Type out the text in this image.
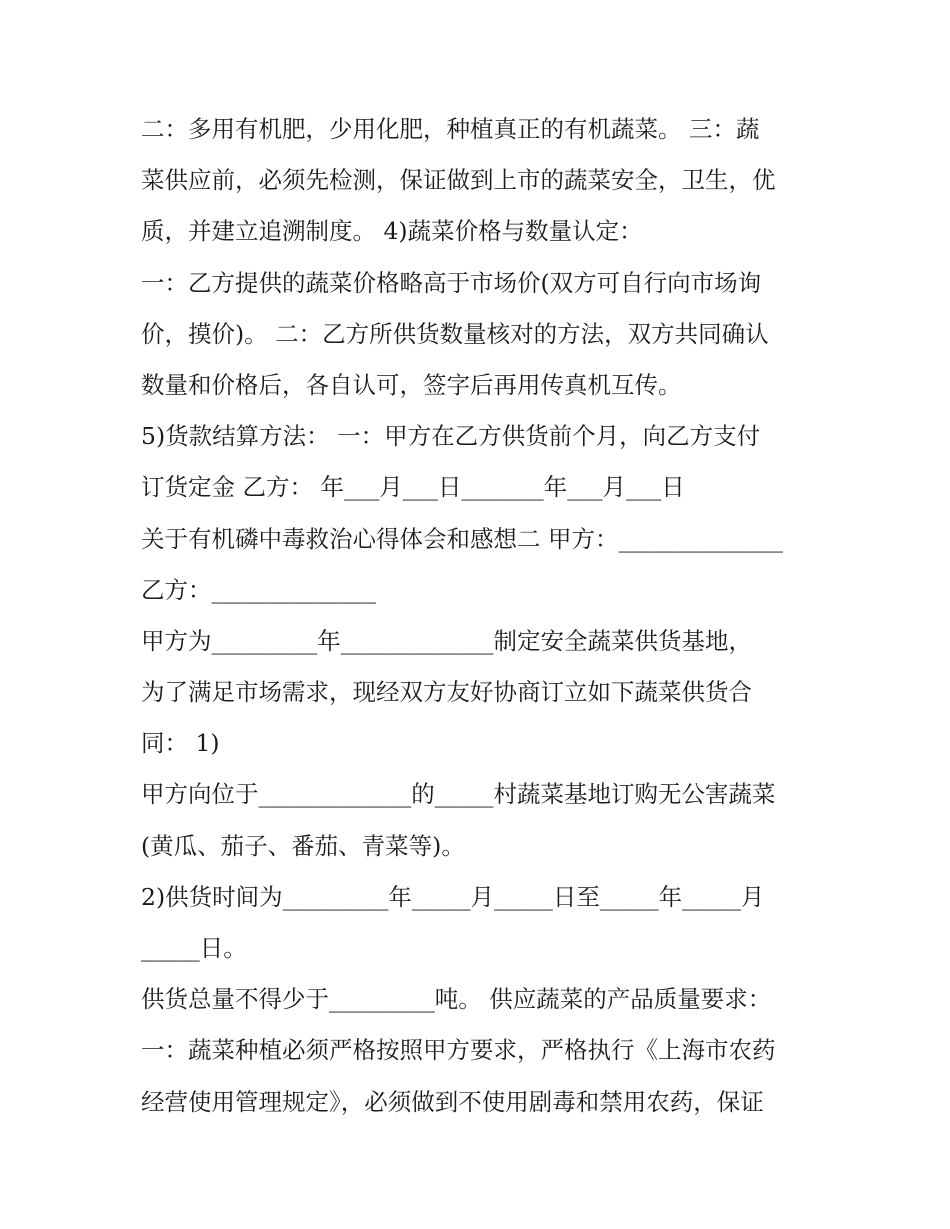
二：多用有机肥，少用化肥，种植真正的有机蔬菜。 三：蔬
菜供应前，必须先检测，保证做到上市的蔬菜安全，卫生，优
质，并建立追溯制度。 4)蔬菜价格与数量认定：
一：乙方提供的蔬菜价格略高于市场价(双方可自行向市场询
价，摸价)。 二：乙方所供货数量核对的方法，双方共同确认
数量和价格后，各自认可，签字后再用传真机互传。
5)货款结算方法： 一：甲方在乙方供货前个月，向乙方支付
订货定金 乙方： 年___月___日_______年___月___日
关于有机磷中毒救治心得体会和感想二 甲方：______________
乙方：______________
甲方为_________年_____________制定安全蔬菜供货基地，
为了满足市场需求，现经双方友好协商订立如下蔬菜供货合
同： 1)
甲方向位于_____________的_____村蔬菜基地订购无公害蔬菜
(黄瓜、茄子、番茄、青菜等)。
2)供货时间为_________年_____月_____日至_____年_____月
_____日。
供货总量不得少于_________吨。 供应蔬菜的产品质量要求：
一：蔬菜种植必须严格按照甲方要求，严格执行《上海市农药
经营使用管理规定》，必须做到不使用剧毒和禁用农药，保证
